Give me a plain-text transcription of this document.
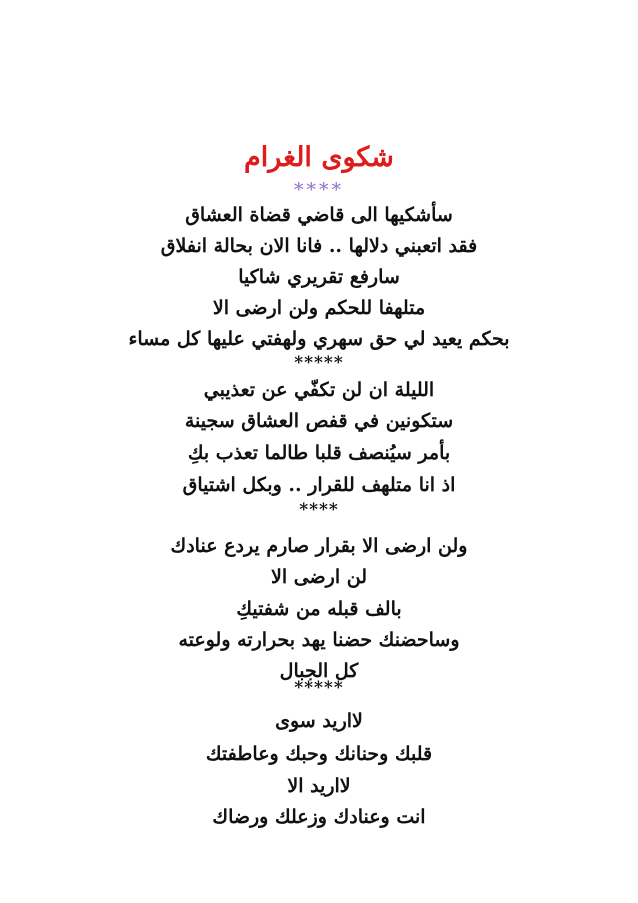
شكوى الغرام
****
سأشكيها الى قاضي قضاة العشاق
فقد اتعبني دلالها .. فانا الان بحالة انفلاق
سارفع تقريري شاكيا
متلهفا للحكم ولن ارضى الا
بحكم يعيد لي حق سهري ولهفتي عليها كل مساء
*****
الليلة ان لن تكفّي عن تعذيبي
ستكونين في قفص العشاق سجينة
بأمر سيُنصف قلبا طالما تعذب بكِ
اذ انا متلهف للقرار .. وبكل اشتياق
****
ولن ارضى الا بقرار صارم يردع عنادك
لن ارضى الا
بالف قبله من شفتيكِ
وساحضنك حضنا يهد بحرارته ولوعته
كل الجبال
*****
لااريد سوى
قلبك وحنانك وحبك وعاطفتك
لااريد الا
انت وعنادك وزعلك ورضاك
